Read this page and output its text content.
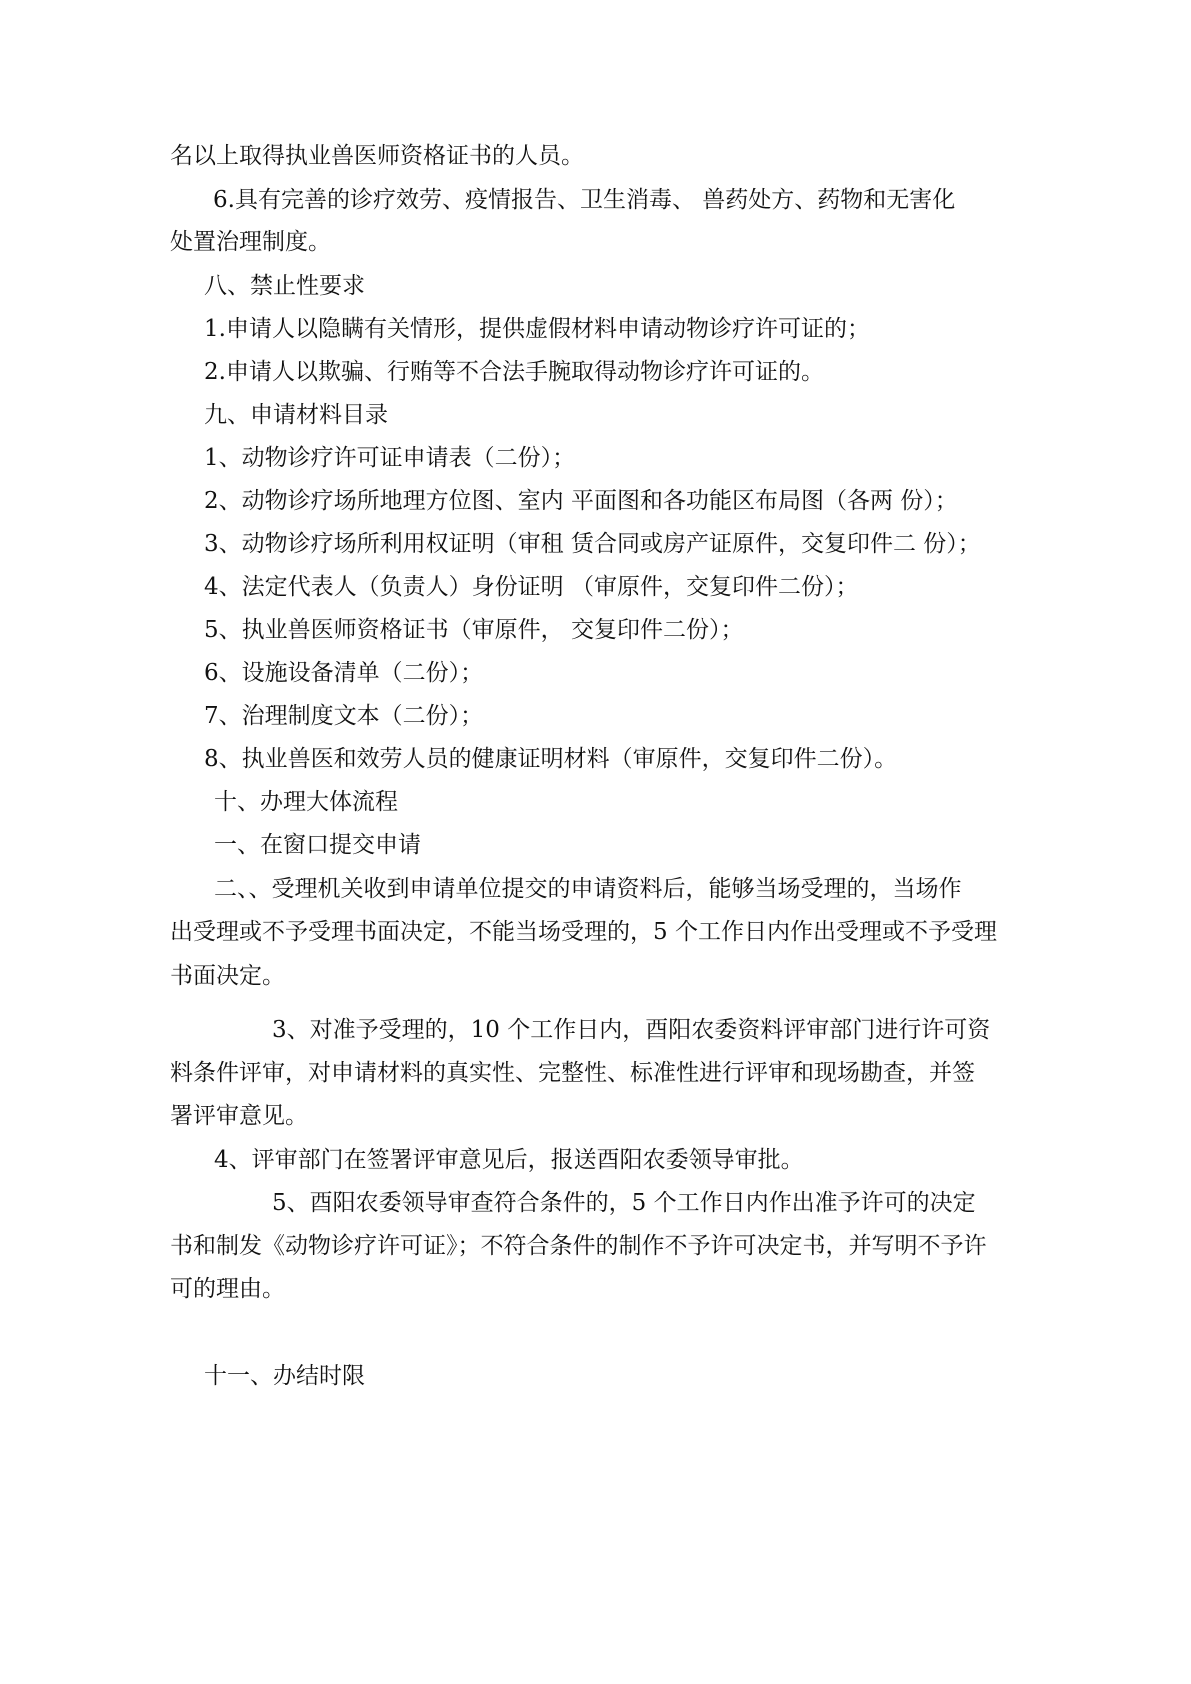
名以上取得执业兽医师资格证书的人员。

6.具有完善的诊疗效劳、疫情报告、卫生消毒、 兽药处方、药物和无害化

处置治理制度。

八、禁止性要求

1.申请人以隐瞒有关情形，提供虚假材料申请动物诊疗许可证的；

2.申请人以欺骗、行贿等不合法手腕取得动物诊疗许可证的。

九、申请材料目录

1、动物诊疗许可证申请表（二份）；

2、动物诊疗场所地理方位图、室内 平面图和各功能区布局图（各两 份）；

3、动物诊疗场所利用权证明（审租 赁合同或房产证原件，交复印件二 份）；

4、法定代表人（负责人）身份证明 （审原件，交复印件二份）；

5、执业兽医师资格证书（审原件， 交复印件二份）；

6、设施设备清单（二份）；

7、治理制度文本（二份）；

8、执业兽医和效劳人员的健康证明材料（审原件，交复印件二份）。

十、办理大体流程

一、在窗口提交申请

二、、受理机关收到申请单位提交的申请资料后，能够当场受理的，当场作

出受理或不予受理书面决定，不能当场受理的，5 个工作日内作出受理或不予受理

书面决定。

3、对准予受理的，10 个工作日内，酉阳农委资料评审部门进行许可资

料条件评审，对申请材料的真实性、完整性、标准性进行评审和现场勘查，并签

署评审意见。

4、评审部门在签署评审意见后，报送酉阳农委领导审批。

5、酉阳农委领导审查符合条件的，5 个工作日内作出准予许可的决定

书和制发《动物诊疗许可证》；不符合条件的制作不予许可决定书，并写明不予许

可的理由。

十一、办结时限
